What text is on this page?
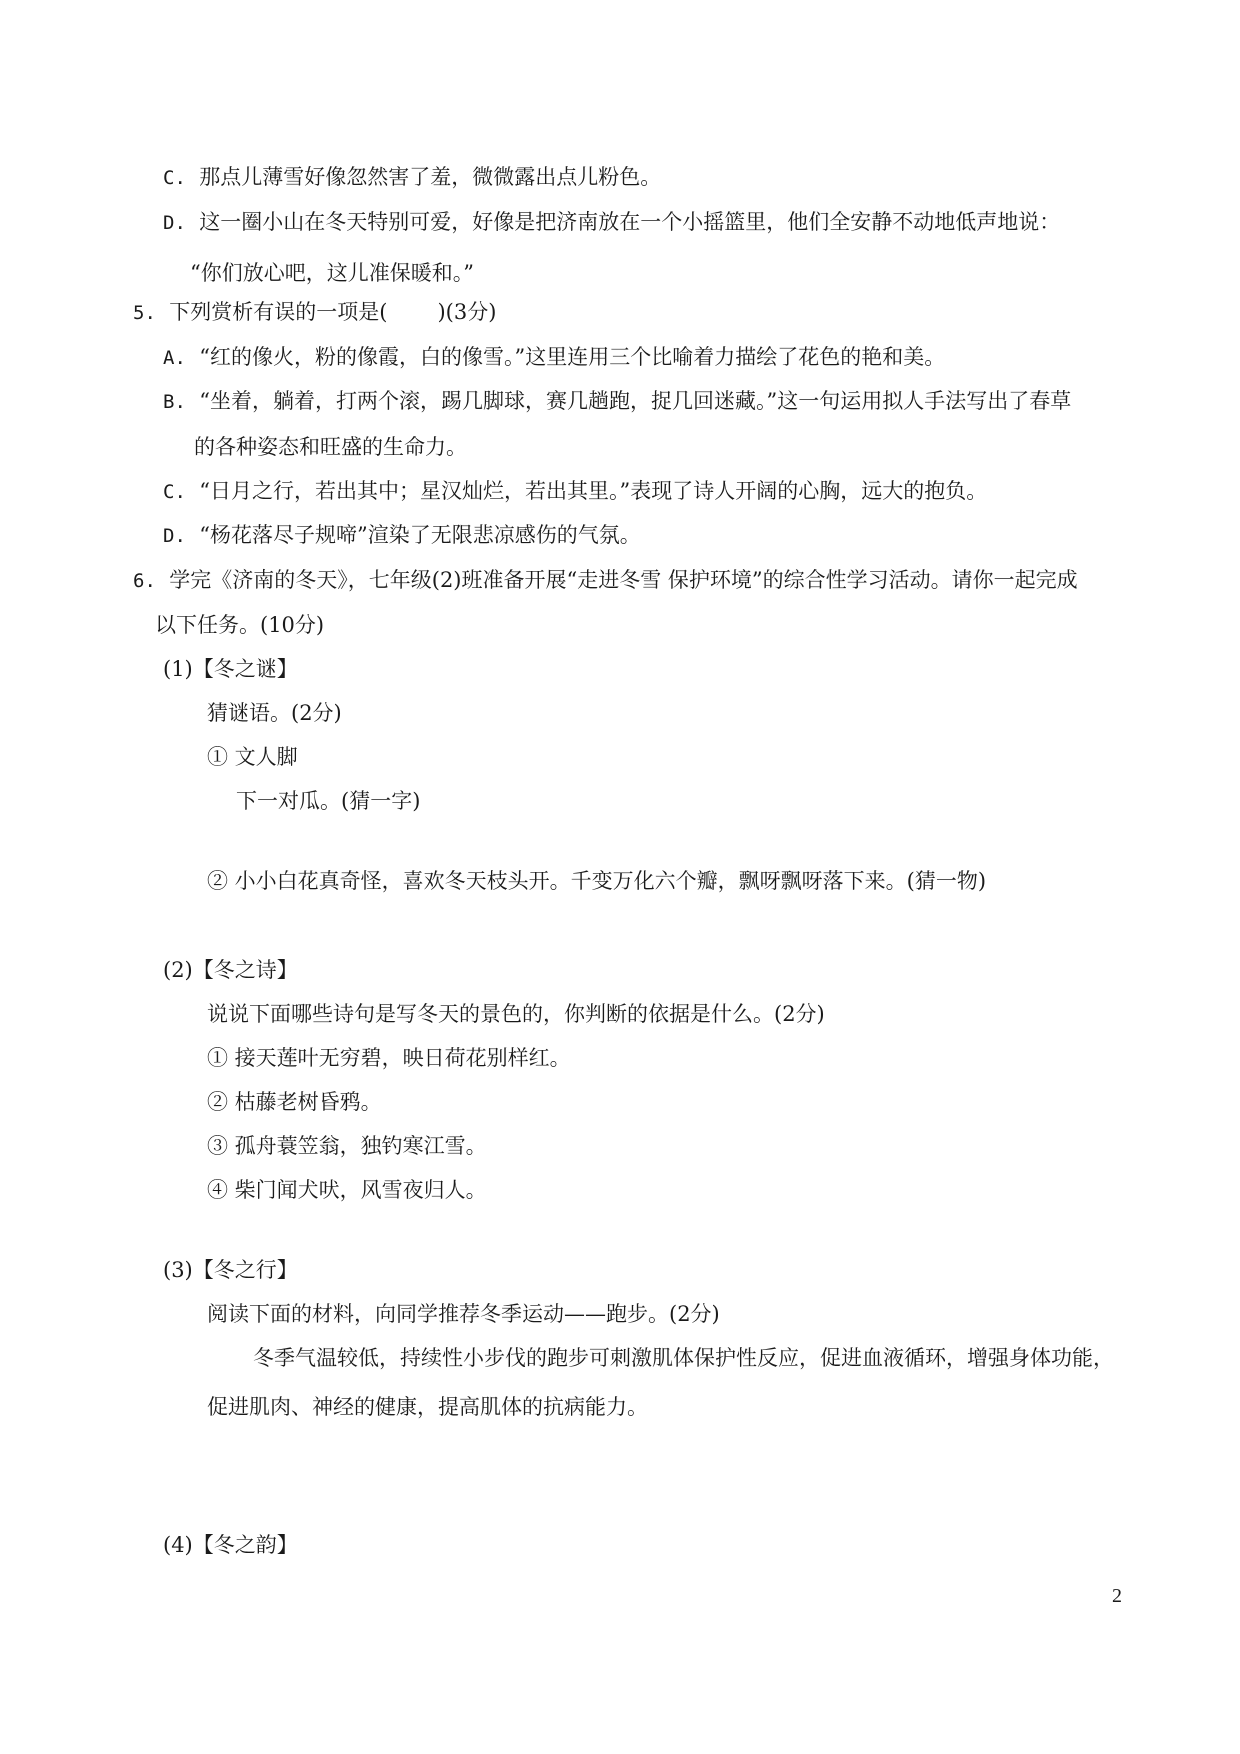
C. 那点儿薄雪好像忽然害了羞，微微露出点儿粉色。
D. 这一圈小山在冬天特别可爱，好像是把济南放在一个小摇篮里，他们全安静不动地低声地说：
“你们放心吧，这儿准保暖和。”
5. 下列赏析有误的一项是( )(3分)
A. “红的像火，粉的像霞，白的像雪。”这里连用三个比喻着力描绘了花色的艳和美。
B. “坐着，躺着，打两个滚，踢几脚球，赛几趟跑，捉几回迷藏。”这一句运用拟人手法写出了春草
的各种姿态和旺盛的生命力。
C. “日月之行，若出其中；星汉灿烂，若出其里。”表现了诗人开阔的心胸，远大的抱负。
D. “杨花落尽子规啼”渲染了无限悲凉感伤的气氛。
6. 学完《济南的冬天》，七年级(2)班准备开展“走进冬雪 保护环境”的综合性学习活动。请你一起完成
以下任务。(10分)
(1)【冬之谜】
猜谜语。(2分)
① 文人脚
下一对瓜。(猜一字)
② 小小白花真奇怪，喜欢冬天枝头开。千变万化六个瓣，飘呀飘呀落下来。(猜一物)
(2)【冬之诗】
说说下面哪些诗句是写冬天的景色的，你判断的依据是什么。(2分)
① 接天莲叶无穷碧，映日荷花别样红。
② 枯藤老树昏鸦。
③ 孤舟蓑笠翁，独钓寒江雪。
④ 柴门闻犬吠，风雪夜归人。
(3)【冬之行】
阅读下面的材料，向同学推荐冬季运动——跑步。(2分)
冬季气温较低，持续性小步伐的跑步可刺激肌体保护性反应，促进血液循环，增强身体功能，
促进肌肉、神经的健康，提高肌体的抗病能力。
(4)【冬之韵】
2
